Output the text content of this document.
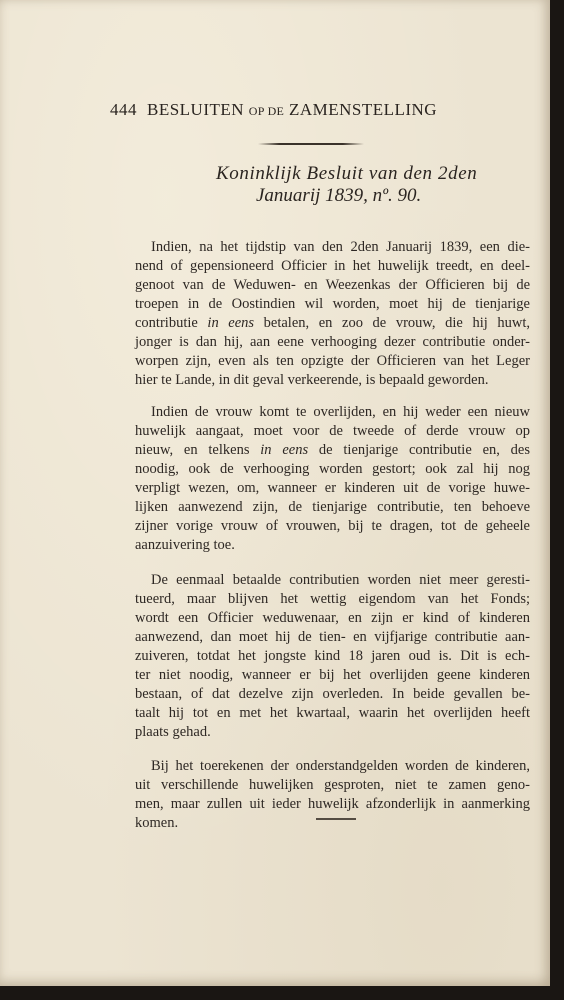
444 BESLUITEN OP DE ZAMENSTELLING
Koninklijk Besluit van den 2den
Januarij 1839, nº. 90.
Indien, na het tijdstip van den 2den Januarij 1839, een die-
nend of gepensioneerd Officier in het huwelijk treedt, en deel-
genoot van de Weduwen- en Weezenkas der Officieren bij de
troepen in de Oostindien wil worden, moet hij de tienjarige
contributie in eens betalen, en zoo de vrouw, die hij huwt,
jonger is dan hij, aan eene verhooging dezer contributie onder-
worpen zijn, even als ten opzigte der Officieren van het Leger
hier te Lande, in dit geval verkeerende, is bepaald geworden.
Indien de vrouw komt te overlijden, en hij weder een nieuw
huwelijk aangaat, moet voor de tweede of derde vrouw op
nieuw, en telkens in eens de tienjarige contributie en, des
noodig, ook de verhooging worden gestort; ook zal hij nog
verpligt wezen, om, wanneer er kinderen uit de vorige huwe-
lijken aanwezend zijn, de tienjarige contributie, ten behoeve
zijner vorige vrouw of vrouwen, bij te dragen, tot de geheele
aanzuivering toe.
De eenmaal betaalde contributien worden niet meer geresti-
tueerd, maar blijven het wettig eigendom van het Fonds;
wordt een Officier weduwenaar, en zijn er kind of kinderen
aanwezend, dan moet hij de tien- en vijfjarige contributie aan-
zuiveren, totdat het jongste kind 18 jaren oud is. Dit is ech-
ter niet noodig, wanneer er bij het overlijden geene kinderen
bestaan, of dat dezelve zijn overleden. In beide gevallen be-
taalt hij tot en met het kwartaal, waarin het overlijden heeft
plaats gehad.
Bij het toerekenen der onderstandgelden worden de kinderen,
uit verschillende huwelijken gesproten, niet te zamen geno-
men, maar zullen uit ieder huwelijk afzonderlijk in aanmerking
komen.
